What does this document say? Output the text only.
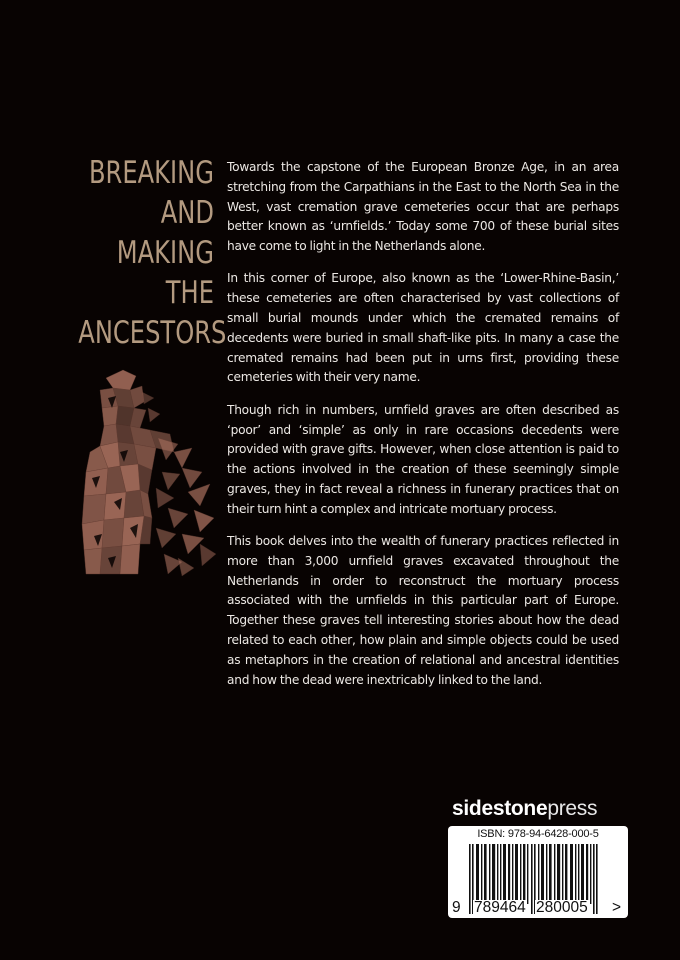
BREAKING
AND
MAKING
THE
ANCESTORS

Towards the capstone of the European Bronze Age, in an area stretching from the Carpathians in the East to the North Sea in the West, vast cremation grave cemeteries occur that are perhaps better known as ‘urnfields.’ Today some 700 of these burial sites have come to light in the Netherlands alone.

In this corner of Europe, also known as the ‘Lower-Rhine-Basin,’ these cemeteries are often characterised by vast collections of small burial mounds under which the cremated remains of decedents were buried in small shaft-like pits. In many a case the cremated remains had been put in urns first, providing these cemeteries with their very name.

Though rich in numbers, urnfield graves are often described as ‘poor’ and ‘simple’ as only in rare occasions decedents were provided with grave gifts. However, when close attention is paid to the actions involved in the creation of these seemingly simple graves, they in fact reveal a richness in funerary practices that on their turn hint a complex and intricate mortuary process.

This book delves into the wealth of funerary practices reflected in more than 3,000 urnfield graves excavated throughout the Netherlands in order to reconstruct the mortuary process associated with the urnfields in this particular part of Europe. Together these graves tell interesting stories about how the dead related to each other, how plain and simple objects could be used as metaphors in the creation of relational and ancestral identities and how the dead were inextricably linked to the land.

sidestonepress
ISBN: 978-94-6428-000-5
9 789464 280005 >
